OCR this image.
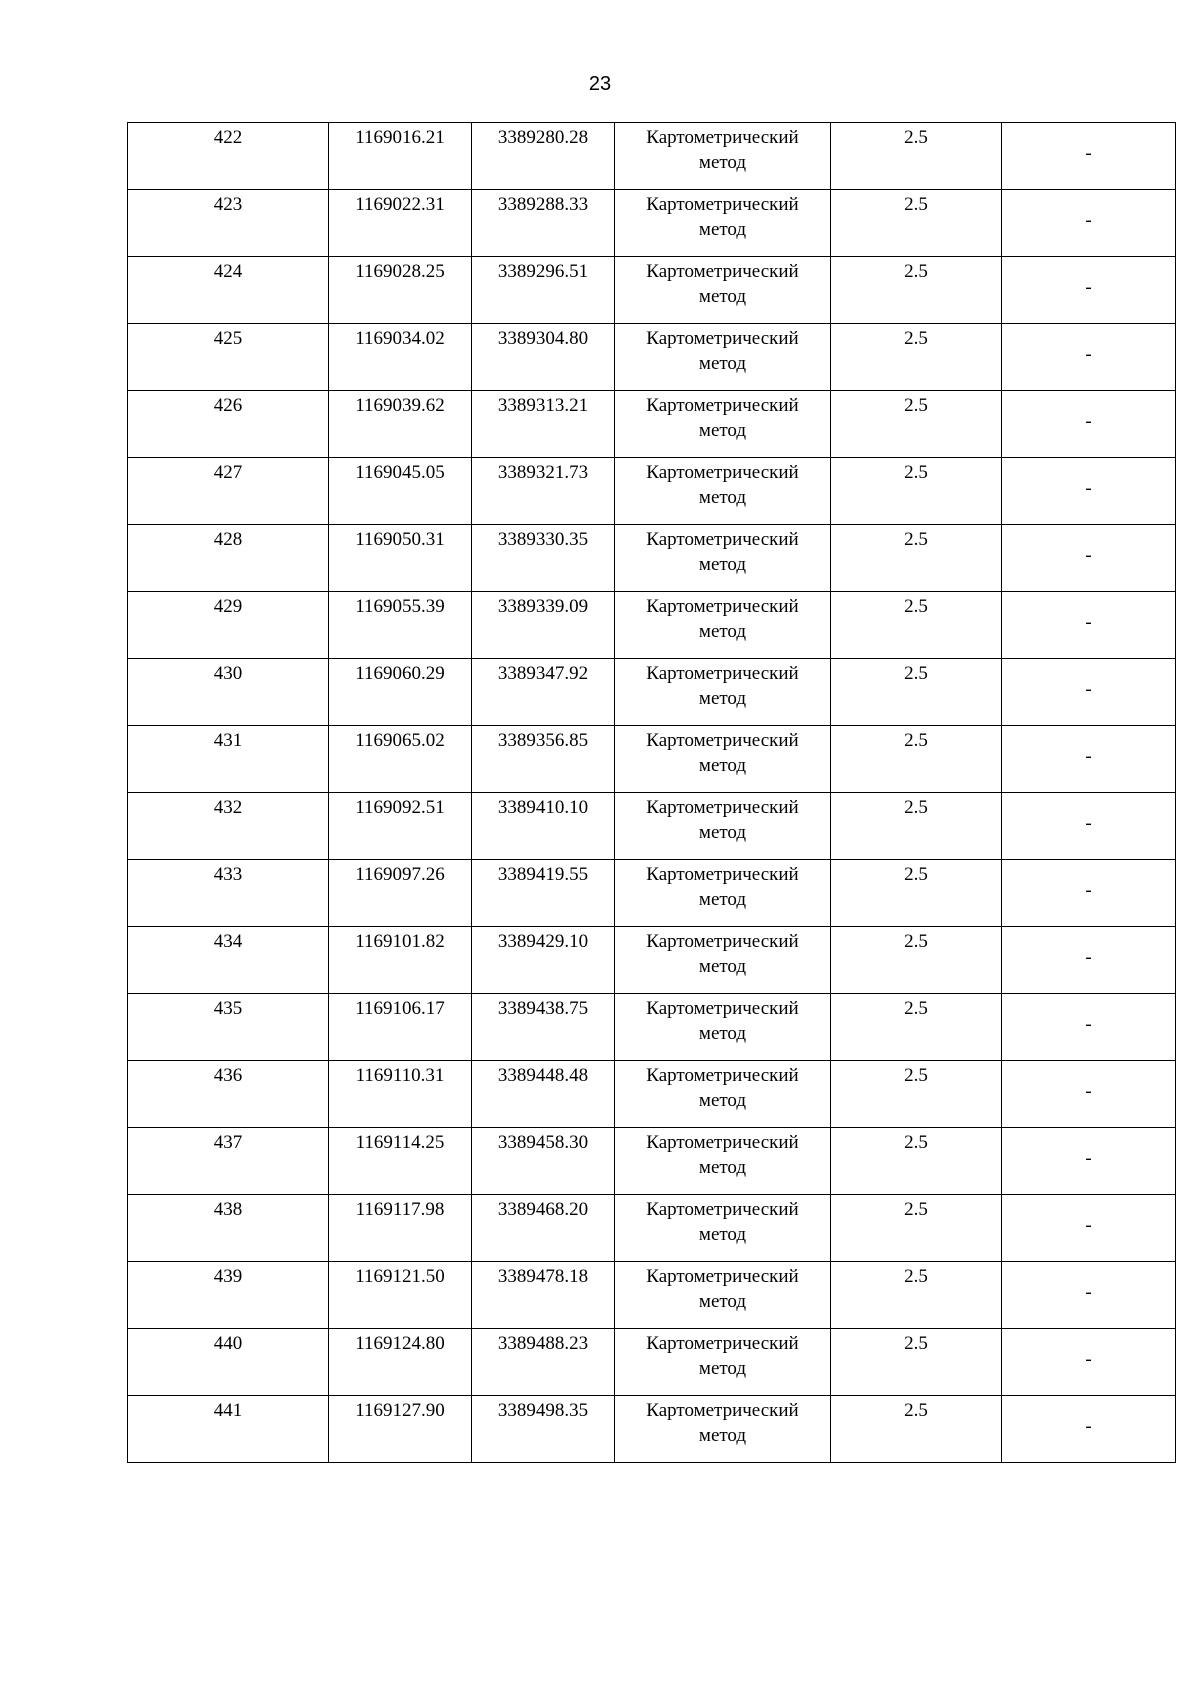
23
422	1169016.21	3389280.28	Картометрический метод	2.5	-
423	1169022.31	3389288.33	Картометрический метод	2.5	-
424	1169028.25	3389296.51	Картометрический метод	2.5	-
425	1169034.02	3389304.80	Картометрический метод	2.5	-
426	1169039.62	3389313.21	Картометрический метод	2.5	-
427	1169045.05	3389321.73	Картометрический метод	2.5	-
428	1169050.31	3389330.35	Картометрический метод	2.5	-
429	1169055.39	3389339.09	Картометрический метод	2.5	-
430	1169060.29	3389347.92	Картометрический метод	2.5	-
431	1169065.02	3389356.85	Картометрический метод	2.5	-
432	1169092.51	3389410.10	Картометрический метод	2.5	-
433	1169097.26	3389419.55	Картометрический метод	2.5	-
434	1169101.82	3389429.10	Картометрический метод	2.5	-
435	1169106.17	3389438.75	Картометрический метод	2.5	-
436	1169110.31	3389448.48	Картометрический метод	2.5	-
437	1169114.25	3389458.30	Картометрический метод	2.5	-
438	1169117.98	3389468.20	Картометрический метод	2.5	-
439	1169121.50	3389478.18	Картометрический метод	2.5	-
440	1169124.80	3389488.23	Картометрический метод	2.5	-
441	1169127.90	3389498.35	Картометрический метод	2.5	-
